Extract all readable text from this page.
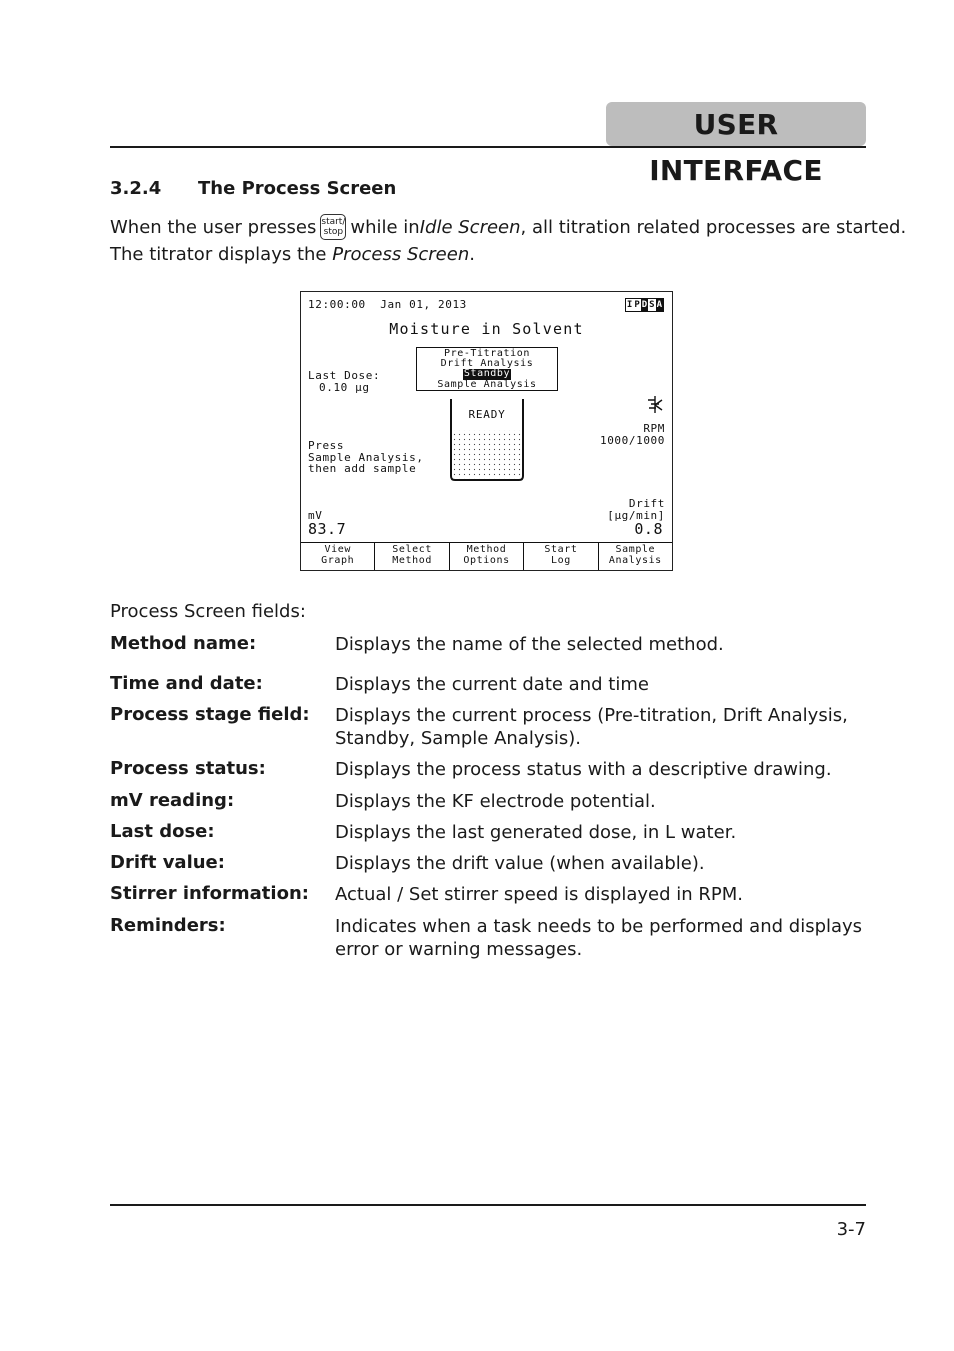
USER INTERFACE
3.2.4 The Process Screen
When the user presses start/
stop while in Idle Screen, all titration related processes are started.
The titrator displays the Process Screen.
12:00:00  Jan 01, 2013	I P D S A
Moisture in Solvent
Pre-Titration
Drift Analysis
Standby
Sample Analysis
Last Dose:
0.10 µg
READY
RPM
1000/1000
Press
Sample Analysis,
then add sample
Drift
mV	[µg/min]
83.7	0.8
View
Graph
Select
Method
Method
Options
Start
Log
Sample
Analysis
Process Screen fields:
Method name:	Displays the name of the selected method.
Time and date:	Displays the current date and time
Process stage field: Displays the current process (Pre-titration, Drift Analysis, Standby, Sample Analysis).
Process status:	Displays the process status with a descriptive drawing.
mV reading:	Displays the KF electrode potential.
Last dose:	Displays the last generated dose, in L water.
Drift value:	Displays the drift value (when available).
Stirrer information: Actual / Set stirrer speed is displayed in RPM.
Reminders:	Indicates when a task needs to be performed and displays error or warning messages.
3-7
